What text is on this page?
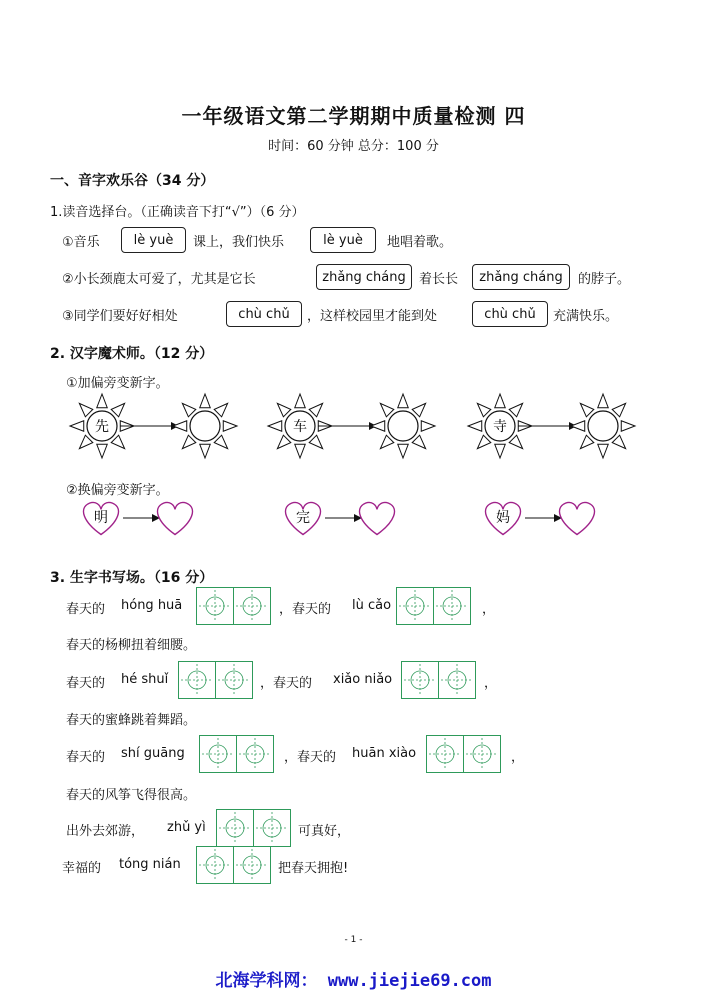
一年级语文第二学期期中质量检测 四
时间：60 分钟 总分：100 分
一、音字欢乐谷（34 分）
1.读音选择台。（正确读音下打“√”）（6 分）
①音乐	lè yuè	课上，我们快乐	lè yuè	地唱着歌。
②小长颈鹿太可爱了，尤其是它长	zhǎng cháng	着长长	zhǎng cháng	的脖子。
③同学们要好好相处	chù chǔ	，这样校园里才能到处	chù chǔ	充满快乐。
2. 汉字魔术师。（12 分）
①加偏旁变新字。
先	车	寺
②换偏旁变新字。
明	完	妈
3. 生字书写场。（16 分）
春天的 hóng huā	，春天的 lù cǎo	，
春天的杨柳扭着细腰。
春天的 hé shuǐ	，春天的 xiǎo niǎo	，
春天的蜜蜂跳着舞蹈。
春天的 shí guāng	，春天的 huān xiào	，
春天的风筝飞得很高。
出外去郊游， zhǔ yì	可真好，
幸福的 tóng nián	把春天拥抱!
- 1 -
北海学科网： www.jiejie69.com
